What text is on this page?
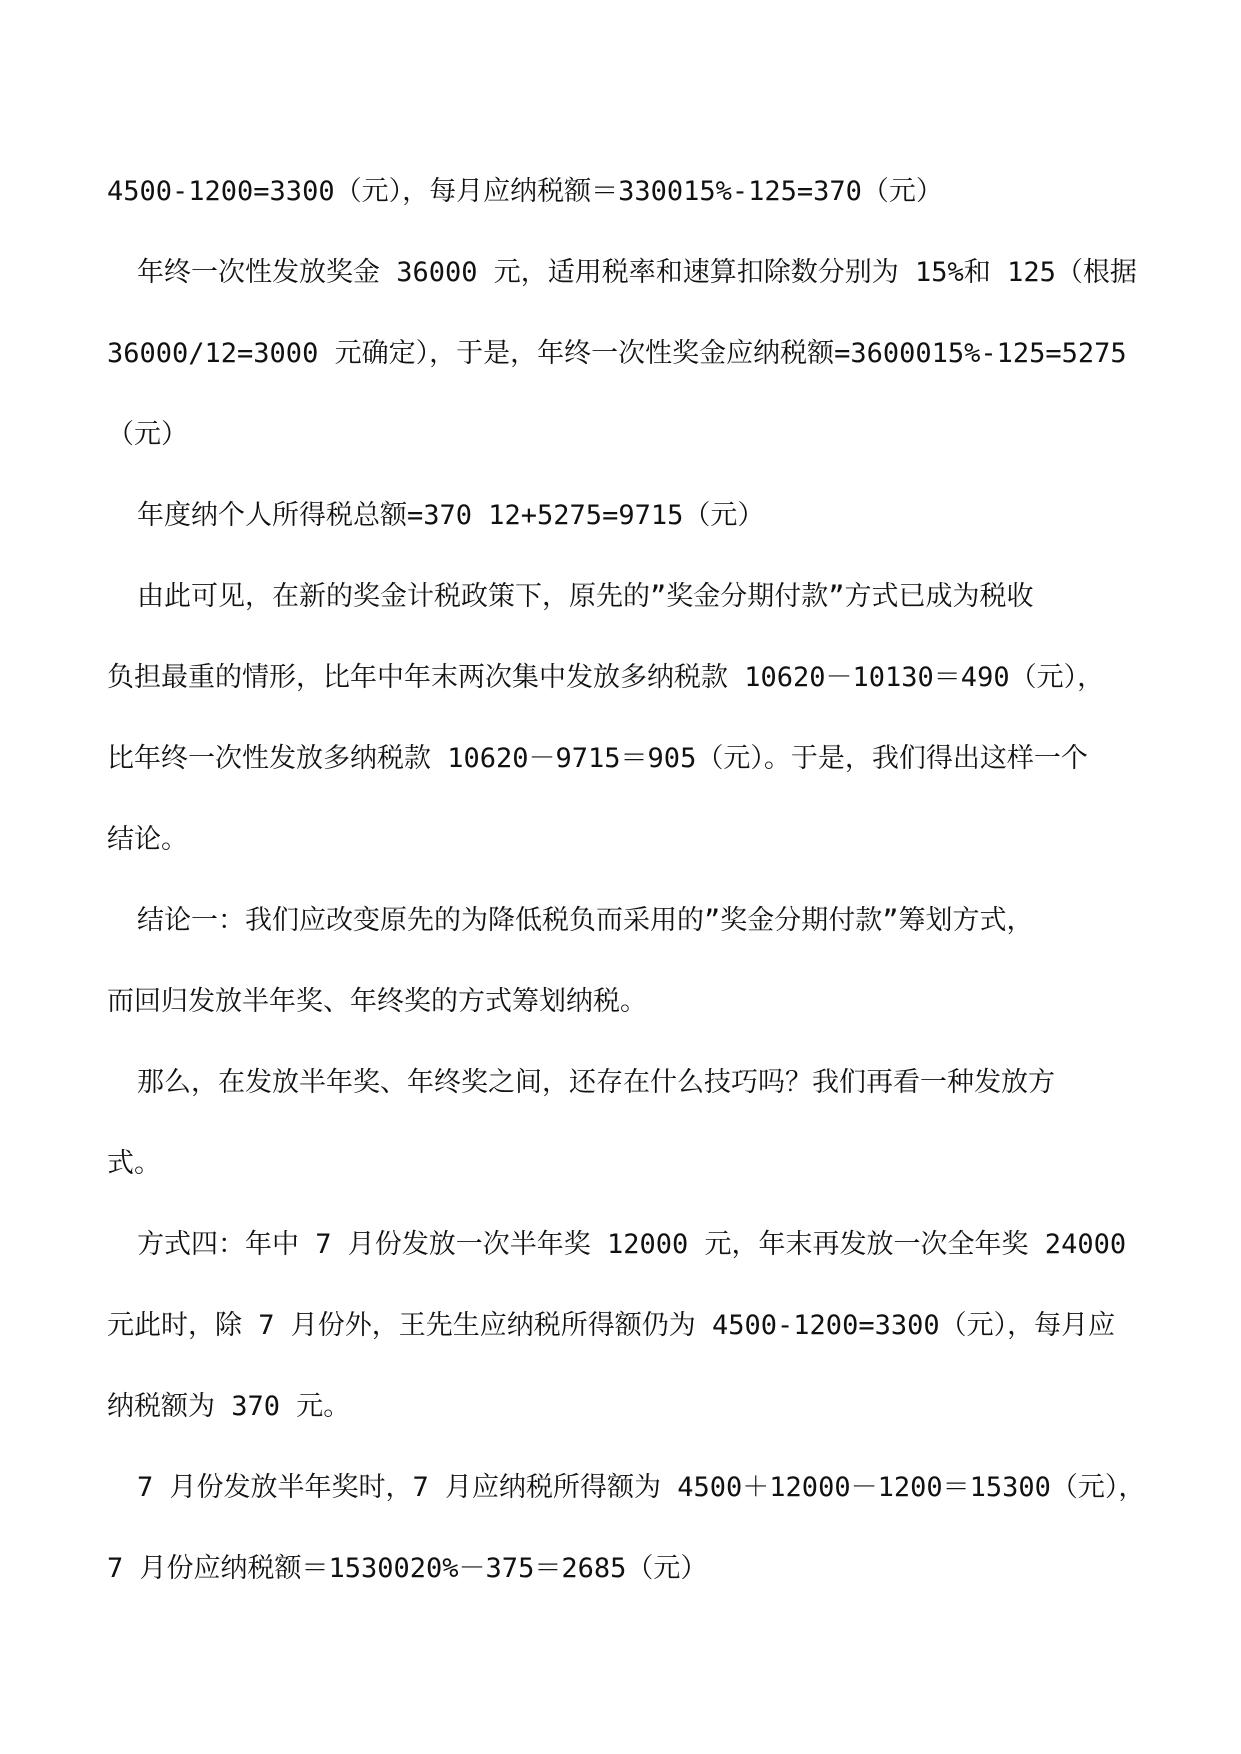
4500-1200=3300（元），每月应纳税额＝330015%-125=370（元）
年终一次性发放奖金 36000 元，适用税率和速算扣除数分别为 15%和 125（根据
36000/12=3000 元确定），于是，年终一次性奖金应纳税额=3600015%-125=5275
（元）
年度纳个人所得税总额=370 12+5275=9715（元）
由此可见，在新的奖金计税政策下，原先的”奖金分期付款”方式已成为税收
负担最重的情形，比年中年末两次集中发放多纳税款 10620－10130＝490（元），
比年终一次性发放多纳税款 10620－9715＝905（元）。于是，我们得出这样一个
结论。
结论一：我们应改变原先的为降低税负而采用的”奖金分期付款”筹划方式，
而回归发放半年奖、年终奖的方式筹划纳税。
那么，在发放半年奖、年终奖之间，还存在什么技巧吗？我们再看一种发放方
式。
方式四：年中 7 月份发放一次半年奖 12000 元，年末再发放一次全年奖 24000
元此时，除 7 月份外，王先生应纳税所得额仍为 4500-1200=3300（元），每月应
纳税额为 370 元。
7 月份发放半年奖时，7 月应纳税所得额为 4500＋12000－1200＝15300（元），
7 月份应纳税额＝1530020%－375＝2685（元）
